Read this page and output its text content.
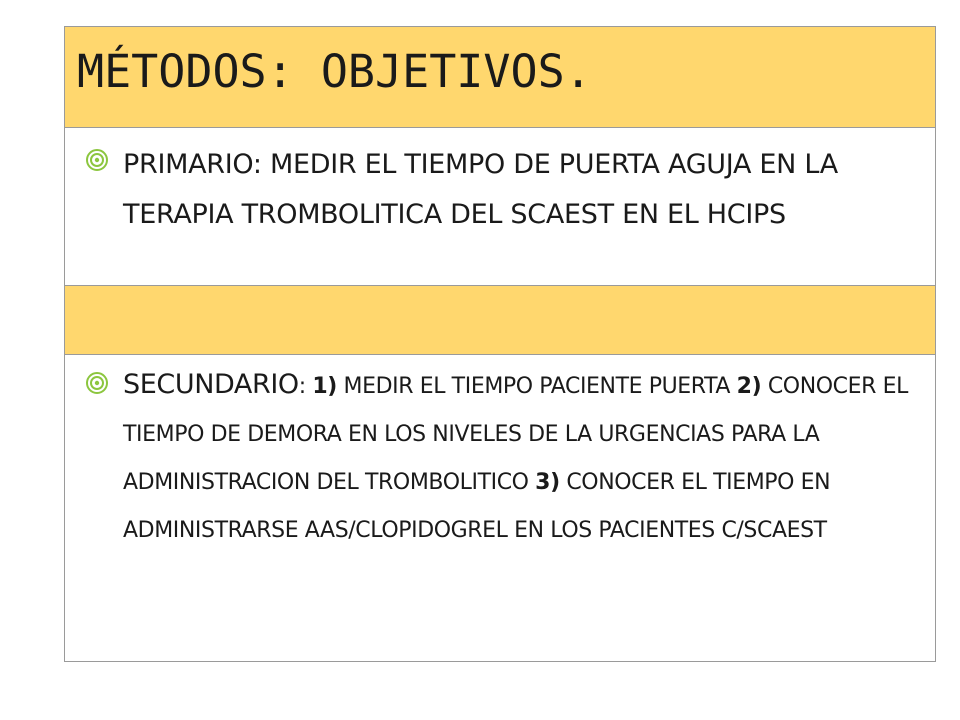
MÉTODOS: OBJETIVOS.

PRIMARIO: MEDIR EL TIEMPO DE PUERTA AGUJA EN LA TERAPIA TROMBOLITICA DEL SCAEST EN EL HCIPS

SECUNDARIO: 1) MEDIR EL TIEMPO PACIENTE PUERTA 2) CONOCER EL TIEMPO DE DEMORA EN LOS NIVELES DE LA URGENCIAS PARA LA ADMINISTRACION DEL TROMBOLITICO 3) CONOCER EL TIEMPO EN ADMINISTRARSE AAS/CLOPIDOGREL EN LOS PACIENTES C/SCAEST
